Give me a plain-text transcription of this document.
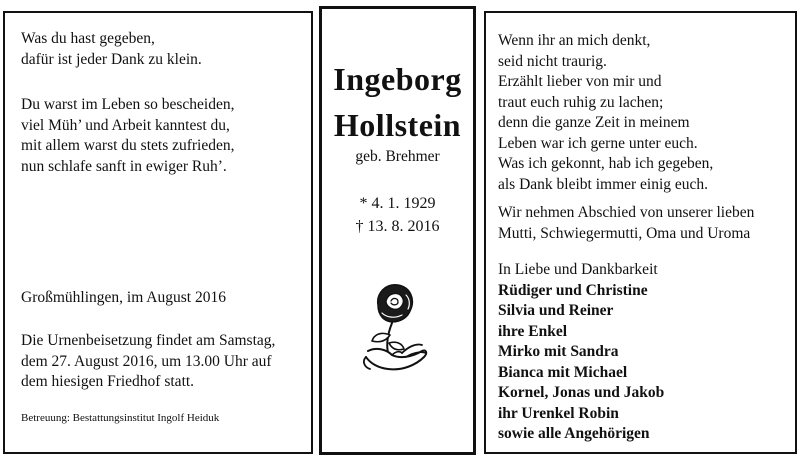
Was du hast gegeben,
dafür ist jeder Dank zu klein.
Du warst im Leben so bescheiden,
viel Müh’ und Arbeit kanntest du,
mit allem warst du stets zufrieden,
nun schlafe sanft in ewiger Ruh’.
Großmühlingen, im August 2016
Die Urnenbeisetzung findet am Samstag,
dem 27. August 2016, um 13.00 Uhr auf
dem hiesigen Friedhof statt.
Betreuung: Bestattungsinstitut Ingolf Heiduk
Ingeborg
Hollstein
geb. Brehmer
* 4. 1. 1929
† 13. 8. 2016
Wenn ihr an mich denkt,
seid nicht traurig.
Erzählt lieber von mir und
traut euch ruhig zu lachen;
denn die ganze Zeit in meinem
Leben war ich gerne unter euch.
Was ich gekonnt, hab ich gegeben,
als Dank bleibt immer einig euch.
Wir nehmen Abschied von unserer lieben
Mutti, Schwiegermutti, Oma und Uroma
In Liebe und Dankbarkeit
Rüdiger und Christine
Silvia und Reiner
ihre Enkel
Mirko mit Sandra
Bianca mit Michael
Kornel, Jonas und Jakob
ihr Urenkel Robin
sowie alle Angehörigen
